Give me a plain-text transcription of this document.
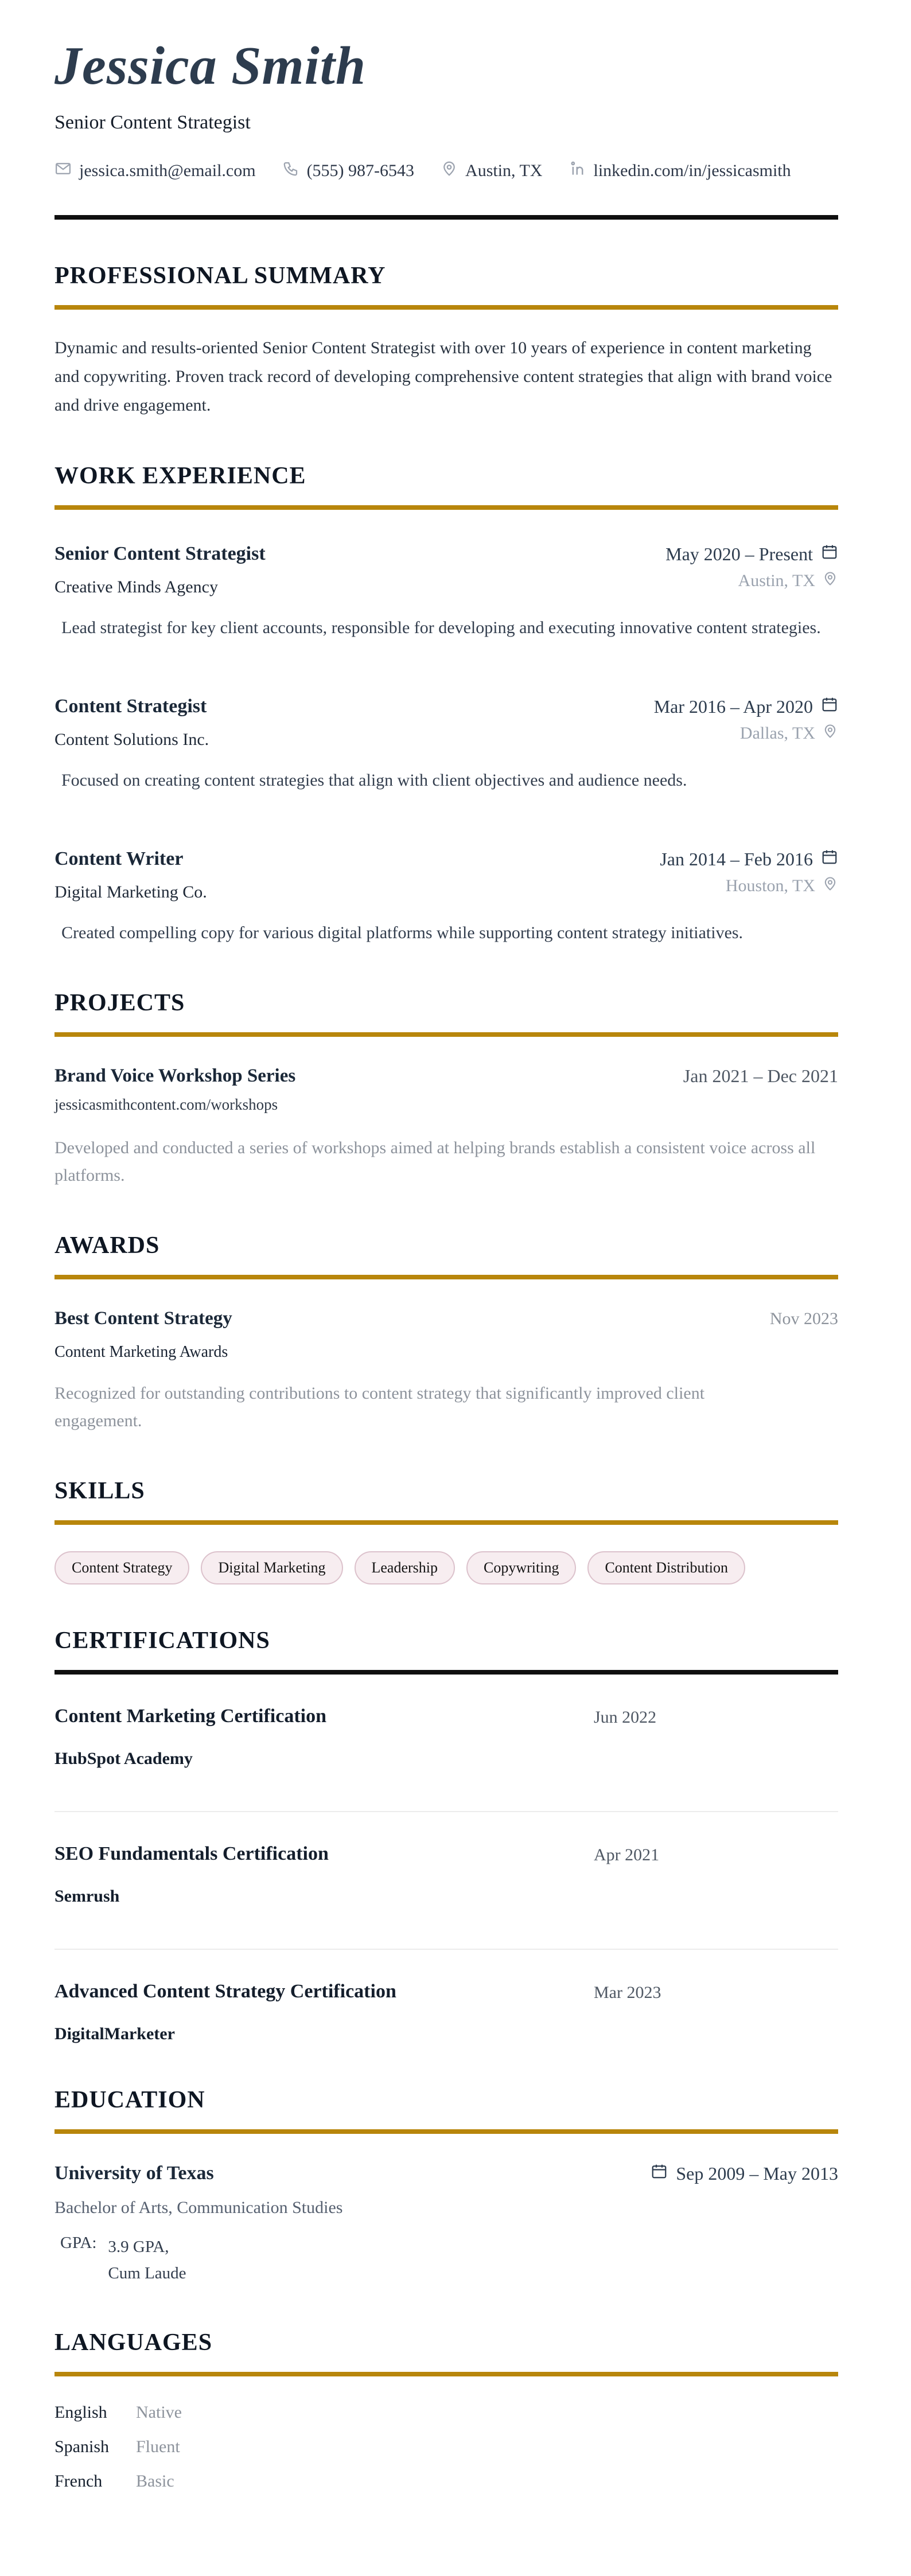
Jessica Smith
Senior Content Strategist
jessica.smith@email.com	(555) 987-6543	Austin, TX	linkedin.com/in/jessicasmith
PROFESSIONAL SUMMARY

Dynamic and results-oriented Senior Content Strategist with over 10 years of experience in content marketing and copywriting. Proven track record of developing comprehensive content strategies that align with brand voice and drive engagement.

WORK EXPERIENCE
Senior Content Strategist	May 2020 – Present
Creative Minds Agency	Austin, TX

Lead strategist for key client accounts, responsible for developing and executing innovative content strategies.

Content Strategist	Mar 2016 – Apr 2020
Content Solutions Inc.	Dallas, TX

Focused on creating content strategies that align with client objectives and audience needs.

Content Writer	Jan 2014 – Feb 2016
Digital Marketing Co.	Houston, TX

Created compelling copy for various digital platforms while supporting content strategy initiatives.

PROJECTS
Brand Voice Workshop Series	Jan 2021 – Dec 2021
jessicasmithcontent.com/workshops

Developed and conducted a series of workshops aimed at helping brands establish a consistent voice across all platforms.

AWARDS
Best Content Strategy	Nov 2023
Content Marketing Awards

Recognized for outstanding contributions to content strategy that significantly improved client engagement.

SKILLS
Content Strategy	Digital Marketing	Leadership	Copywriting	Content Distribution
CERTIFICATIONS
Content Marketing Certification	Jun 2022
HubSpot Academy
SEO Fundamentals Certification	Apr 2021
Semrush
Advanced Content Strategy Certification	Mar 2023
DigitalMarketer
EDUCATION
University of Texas	Sep 2009 – May 2013
Bachelor of Arts, Communication Studies
GPA: 3.9 GPA,
Cum Laude
LANGUAGES
English	Native
Spanish	Fluent
French	Basic
